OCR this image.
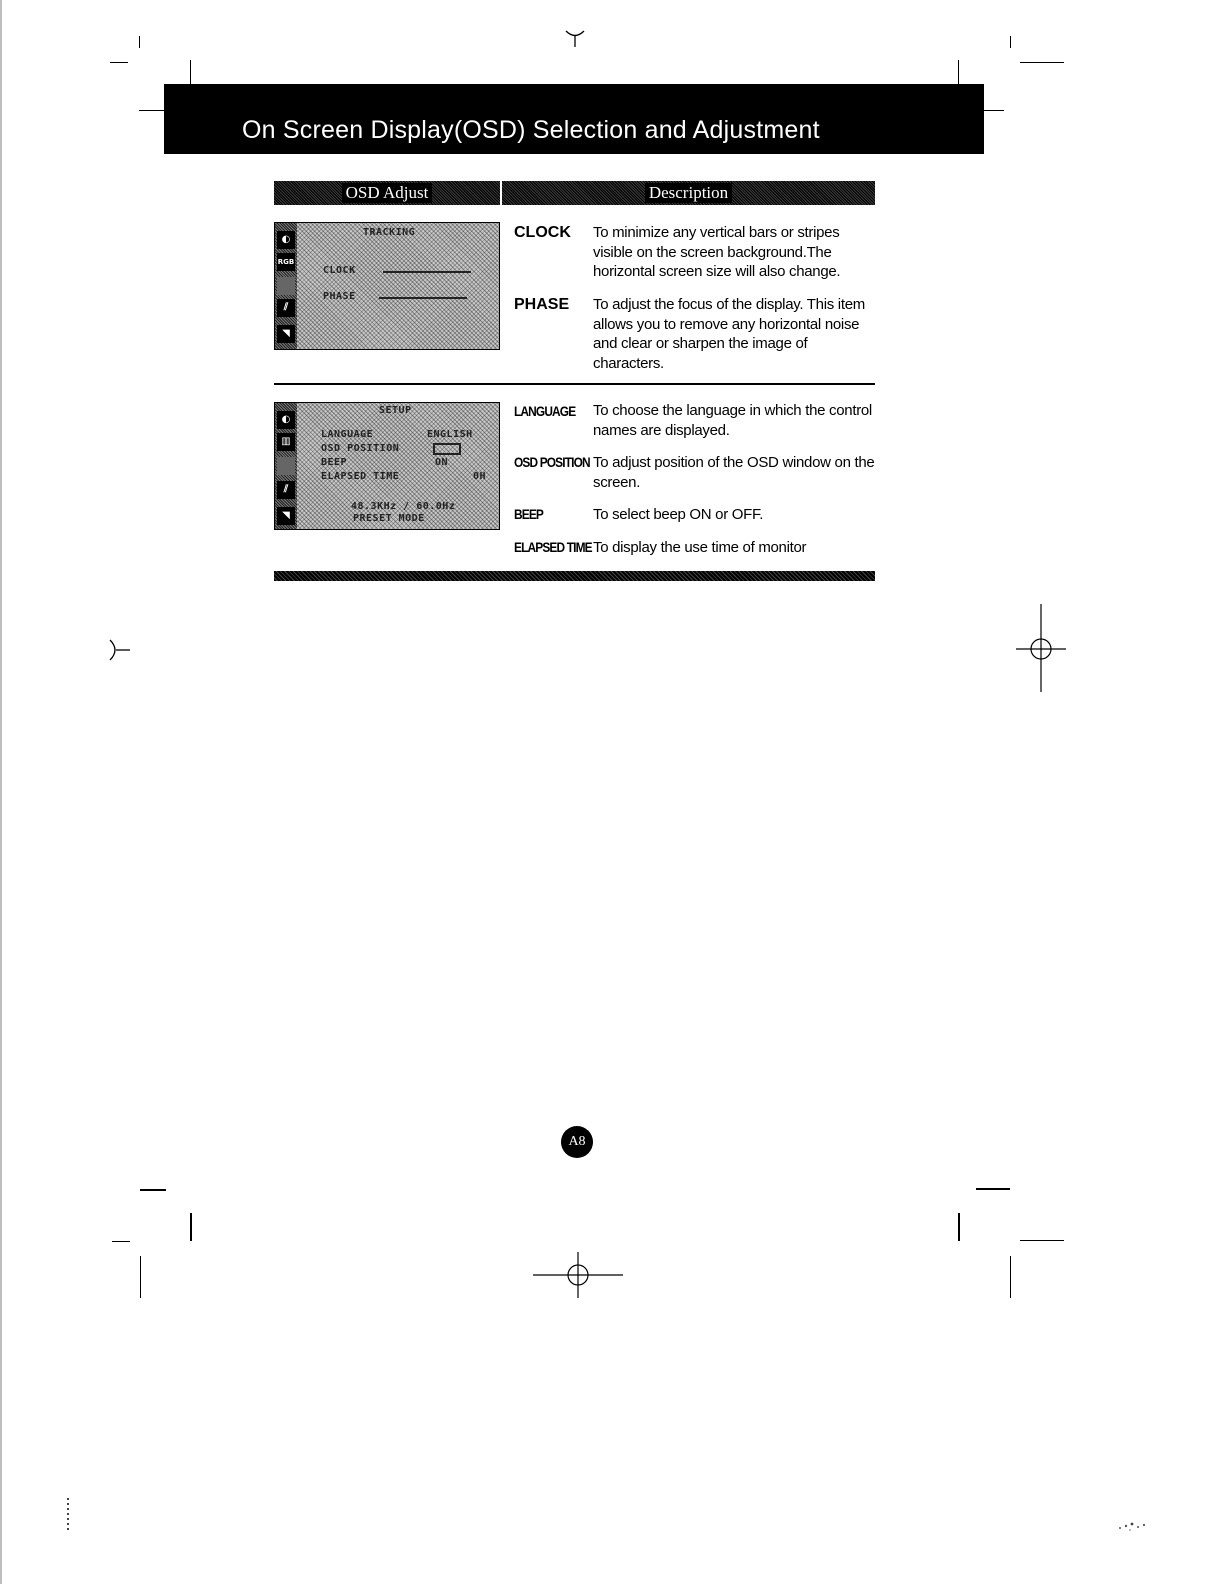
On Screen Display(OSD) Selection and Adjustment
OSD Adjust	Description
◐
RGB
⫽
◥
TRACKING
CLOCK
PHASE
CLOCK To minimize any vertical bars or stripes visible on the screen background.The horizontal screen size will also change.
PHASE To adjust the focus of the display. This item allows you to remove any horizontal noise and clear or sharpen the image of characters.
◐
▥
⫽
◥
SETUP
LANGUAGE	ENGLISH
OSD POSITION
BEEP	ON
ELAPSED TIME	0H
48.3KHz / 60.0Hz
PRESET MODE
LANGUAGE To choose the language in which the control names are displayed.
OSD POSITION To adjust position of the OSD window on the screen.
BEEP	To select beep ON or OFF.
ELAPSED TIME To display the use time of monitor
A8
